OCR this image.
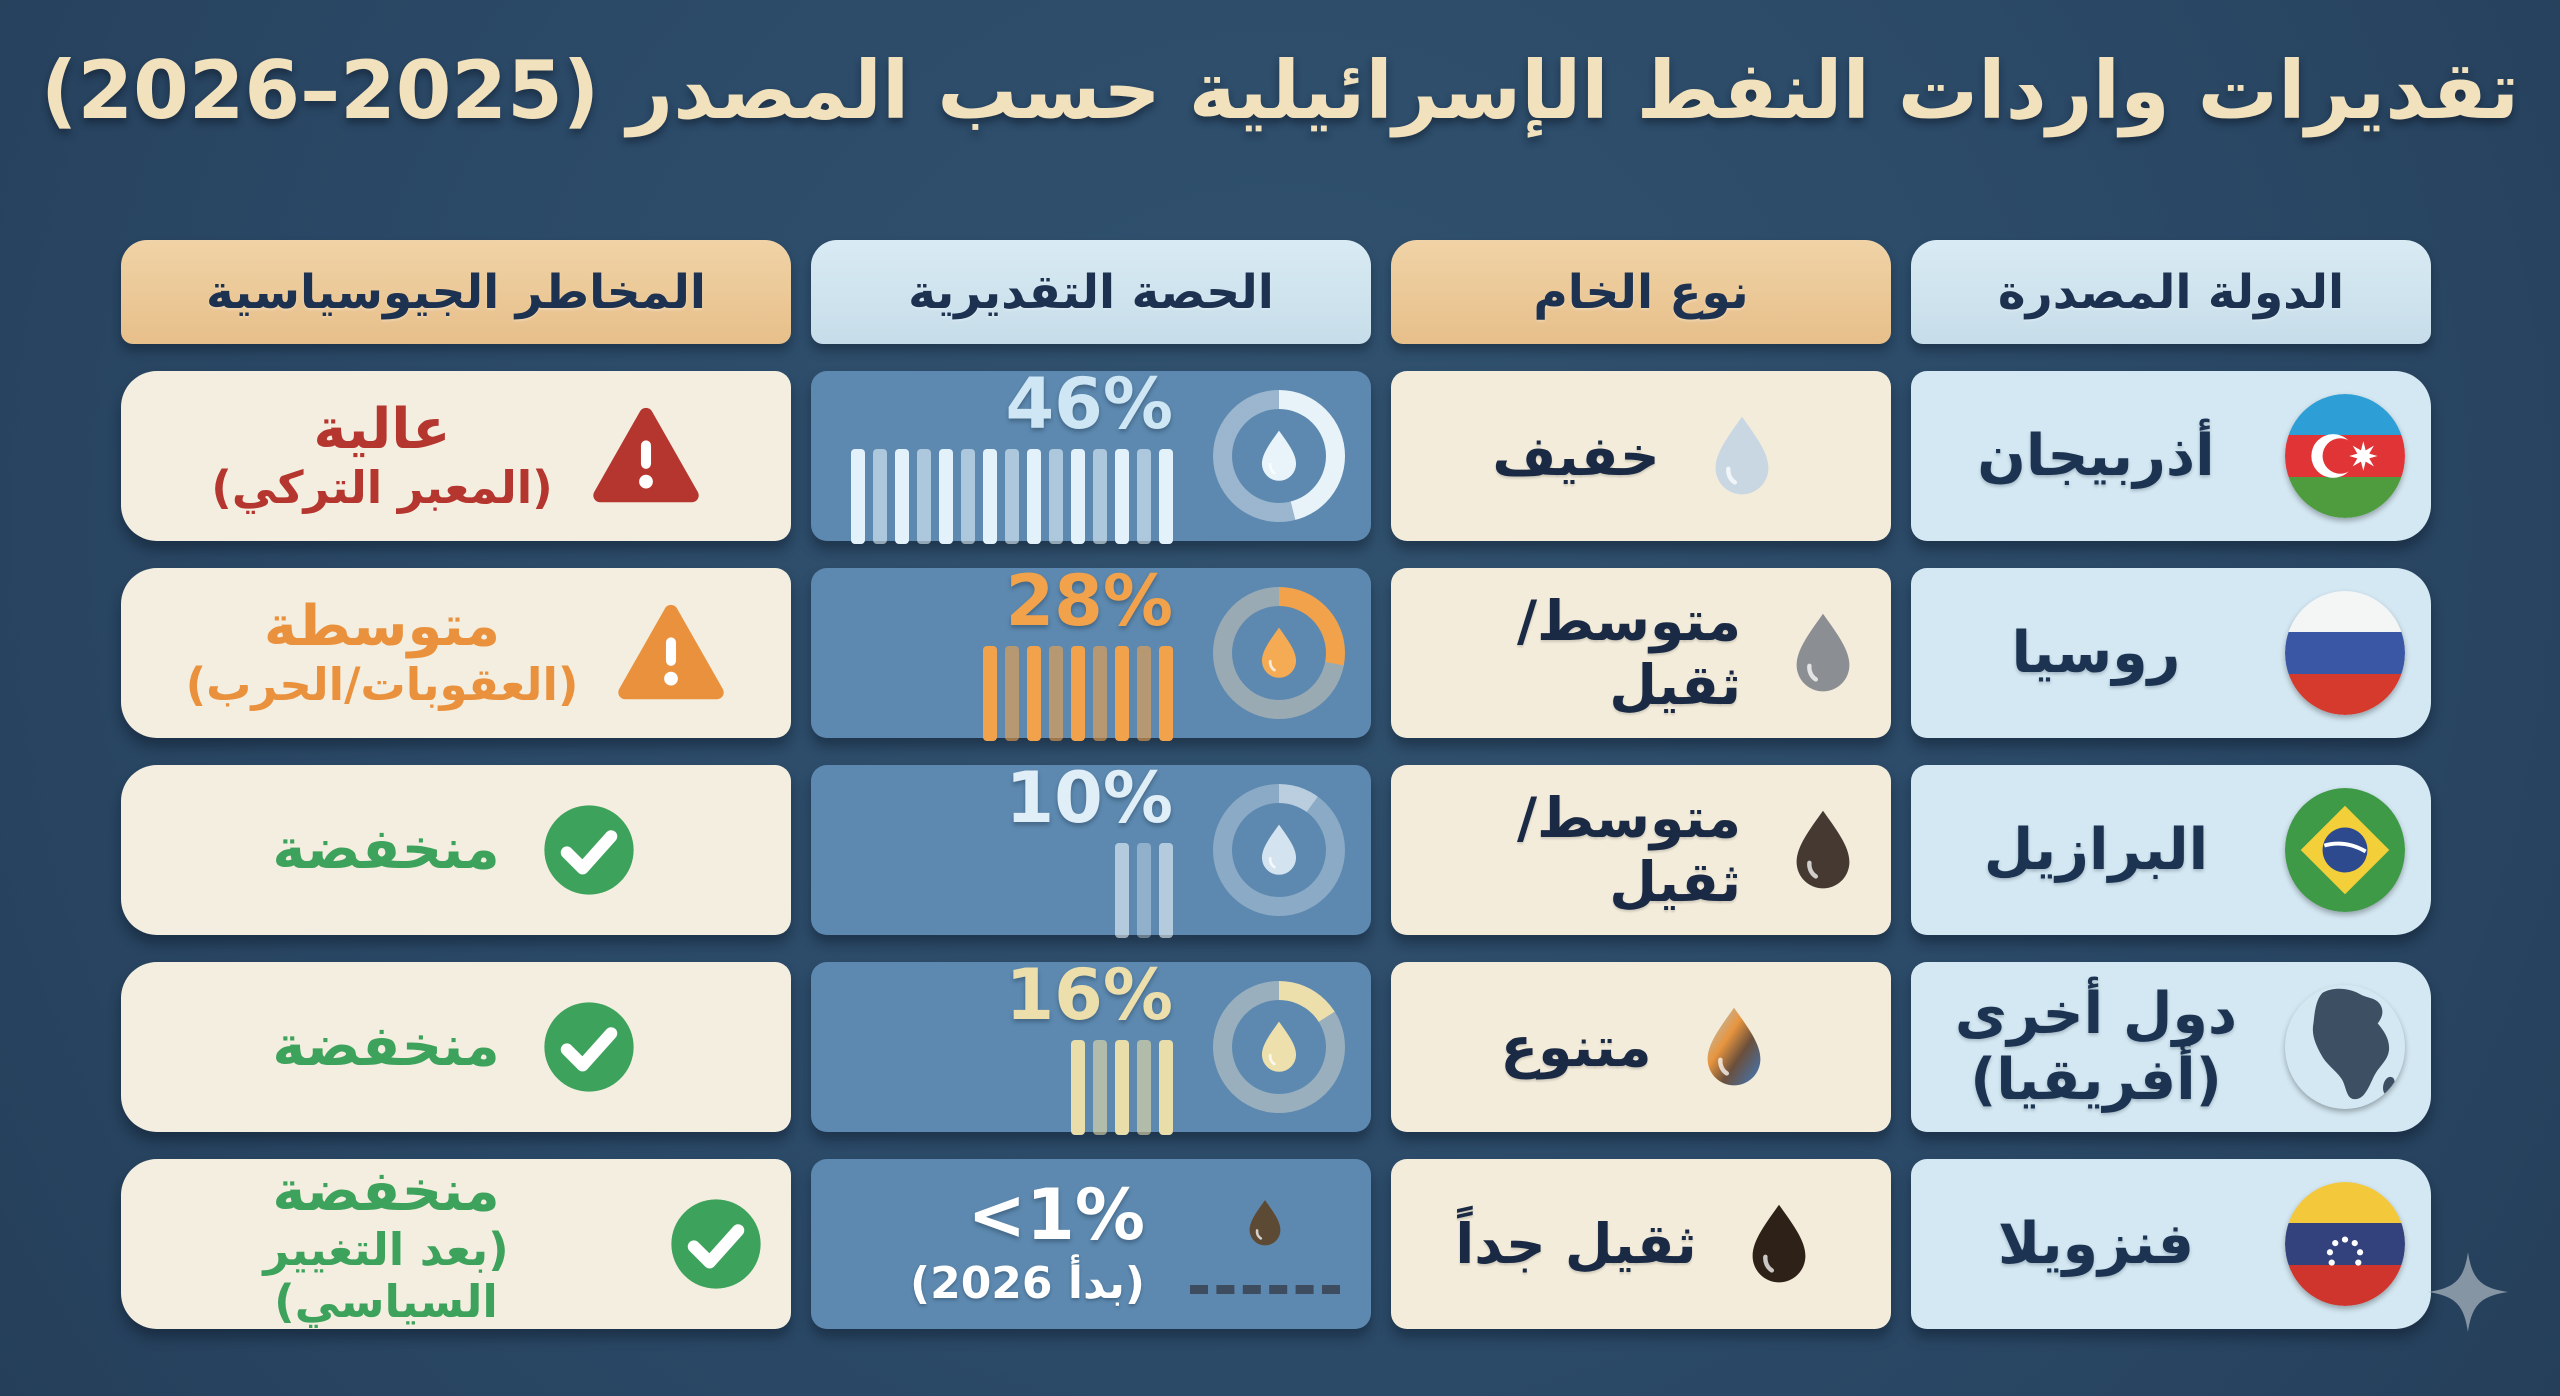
تقديرات واردات النفط الإسرائيلية حسب المصدر (2025–2026)
الدولة المصدرة
نوع الخام
الحصة التقديرية
المخاطر الجيوسياسية
أذربيجان
خفيف
46%
عالية
(المعبر التركي)
روسيا
متوسط/ثقيل
28%
متوسطة
(العقوبات/الحرب)
البرازيل
متوسط/ثقيل
10%
منخفضة
دول أخرى (أفريقيا)
متنوع
16%
منخفضة
فنزويلا
ثقيل جداً
<1%
(بدأ 2026)
منخفضة
(بعد التغيير السياسي)
